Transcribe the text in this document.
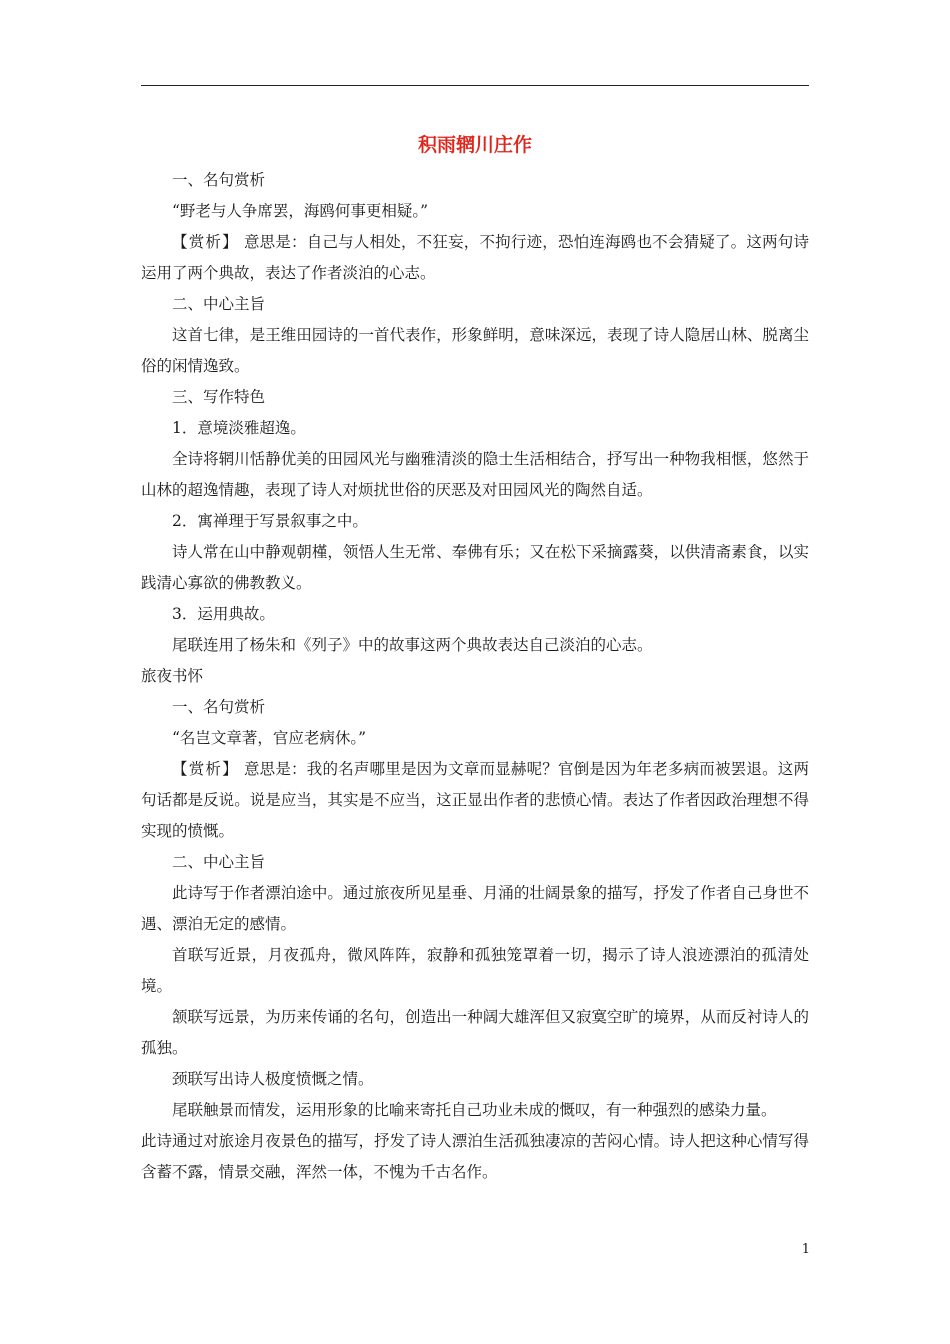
积雨辋川庄作

一、名句赏析

“野老与人争席罢，海鸥何事更相疑。”

【赏析】 意思是：自己与人相处，不狂妄，不拘行迹，恐怕连海鸥也不会猜疑了。这两句诗运用了两个典故，表达了作者淡泊的心志。

二、中心主旨

这首七律，是王维田园诗的一首代表作，形象鲜明，意味深远，表现了诗人隐居山林、脱离尘俗的闲情逸致。

三、写作特色

1．意境淡雅超逸。

全诗将辋川恬静优美的田园风光与幽雅清淡的隐士生活相结合，抒写出一种物我相惬，悠然于山林的超逸情趣，表现了诗人对烦扰世俗的厌恶及对田园风光的陶然自适。

2．寓禅理于写景叙事之中。

诗人常在山中静观朝槿，领悟人生无常、奉佛有乐；又在松下采摘露葵，以供清斋素食，以实践清心寡欲的佛教教义。

3．运用典故。

尾联连用了杨朱和《列子》中的故事这两个典故表达自己淡泊的心志。

旅夜书怀

一、名句赏析

“名岂文章著，官应老病休。”

【赏析】 意思是：我的名声哪里是因为文章而显赫呢？官倒是因为年老多病而被罢退。这两句话都是反说。说是应当，其实是不应当，这正显出作者的悲愤心情。表达了作者因政治理想不得实现的愤慨。

二、中心主旨

此诗写于作者漂泊途中。通过旅夜所见星垂、月涌的壮阔景象的描写，抒发了作者自己身世不遇、漂泊无定的感情。

首联写近景，月夜孤舟，微风阵阵，寂静和孤独笼罩着一切，揭示了诗人浪迹漂泊的孤清处境。

颔联写远景，为历来传诵的名句，创造出一种阔大雄浑但又寂寞空旷的境界，从而反衬诗人的孤独。

颈联写出诗人极度愤慨之情。

尾联触景而情发，运用形象的比喻来寄托自己功业未成的慨叹，有一种强烈的感染力量。

此诗通过对旅途月夜景色的描写，抒发了诗人漂泊生活孤独凄凉的苦闷心情。诗人把这种心情写得含蓄不露，情景交融，浑然一体，不愧为千古名作。

1
